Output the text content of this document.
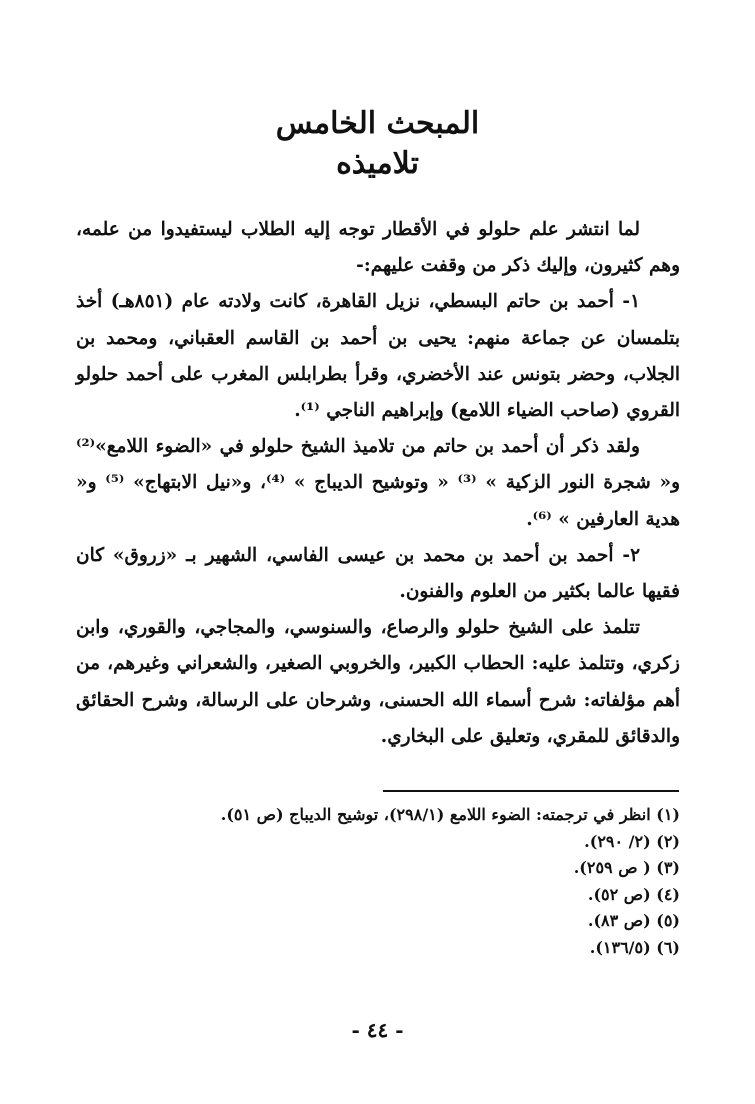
المبحث الخامس
تلاميذه

لما انتشر علم حلولو في الأقطار توجه إليه الطلاب ليستفيدوا من علمه، وهم كثيرون، وإليك ذكر من وقفت عليهم:-

١- أحمد بن حاتم البسطي، نزيل القاهرة، كانت ولادته عام (٨٥١هـ) أخذ بتلمسان عن جماعة منهم: يحيى بن أحمد بن القاسم العقباني، ومحمد بن الجلاب، وحضر بتونس عند الأخضري، وقرأ بطرابلس المغرب على أحمد حلولو القروي (صاحب الضياء اللامع) وإبراهيم الناجي ⁽¹⁾.

ولقد ذكر أن أحمد بن حاتم من تلاميذ الشيخ حلولو في «الضوء اللامع»⁽²⁾ و« شجرة النور الزكية » ⁽³⁾ « وتوشيح الديباج » ⁽⁴⁾، و«نيل الابتهاج» ⁽⁵⁾ و« هدية العارفين » ⁽⁶⁾.

٢- أحمد بن أحمد بن محمد بن عيسى الفاسي، الشهير بـ «زروق» كان فقيها عالما بكثير من العلوم والفنون.

تتلمذ على الشيخ حلولو والرصاع، والسنوسي، والمجاجي، والقوري، وابن زكري، وتتلمذ عليه: الحطاب الكبير، والخروبي الصغير، والشعراني وغيرهم، من أهم مؤلفاته: شرح أسماء الله الحسنى، وشرحان على الرسالة، وشرح الحقائق والدقائق للمقري، وتعليق على البخاري.

(١) انظر في ترجمته: الضوء اللامع (٢٩٨/١)، توشيح الديباج (ص ٥١).

(٢) (٢/ ٢٩٠).

(٣) ( ص ٢٥٩).

(٤) (ص ٥٢).

(٥) (ص ٨٣).

(٦) (١٣٦/٥).

- ٤٤ -
